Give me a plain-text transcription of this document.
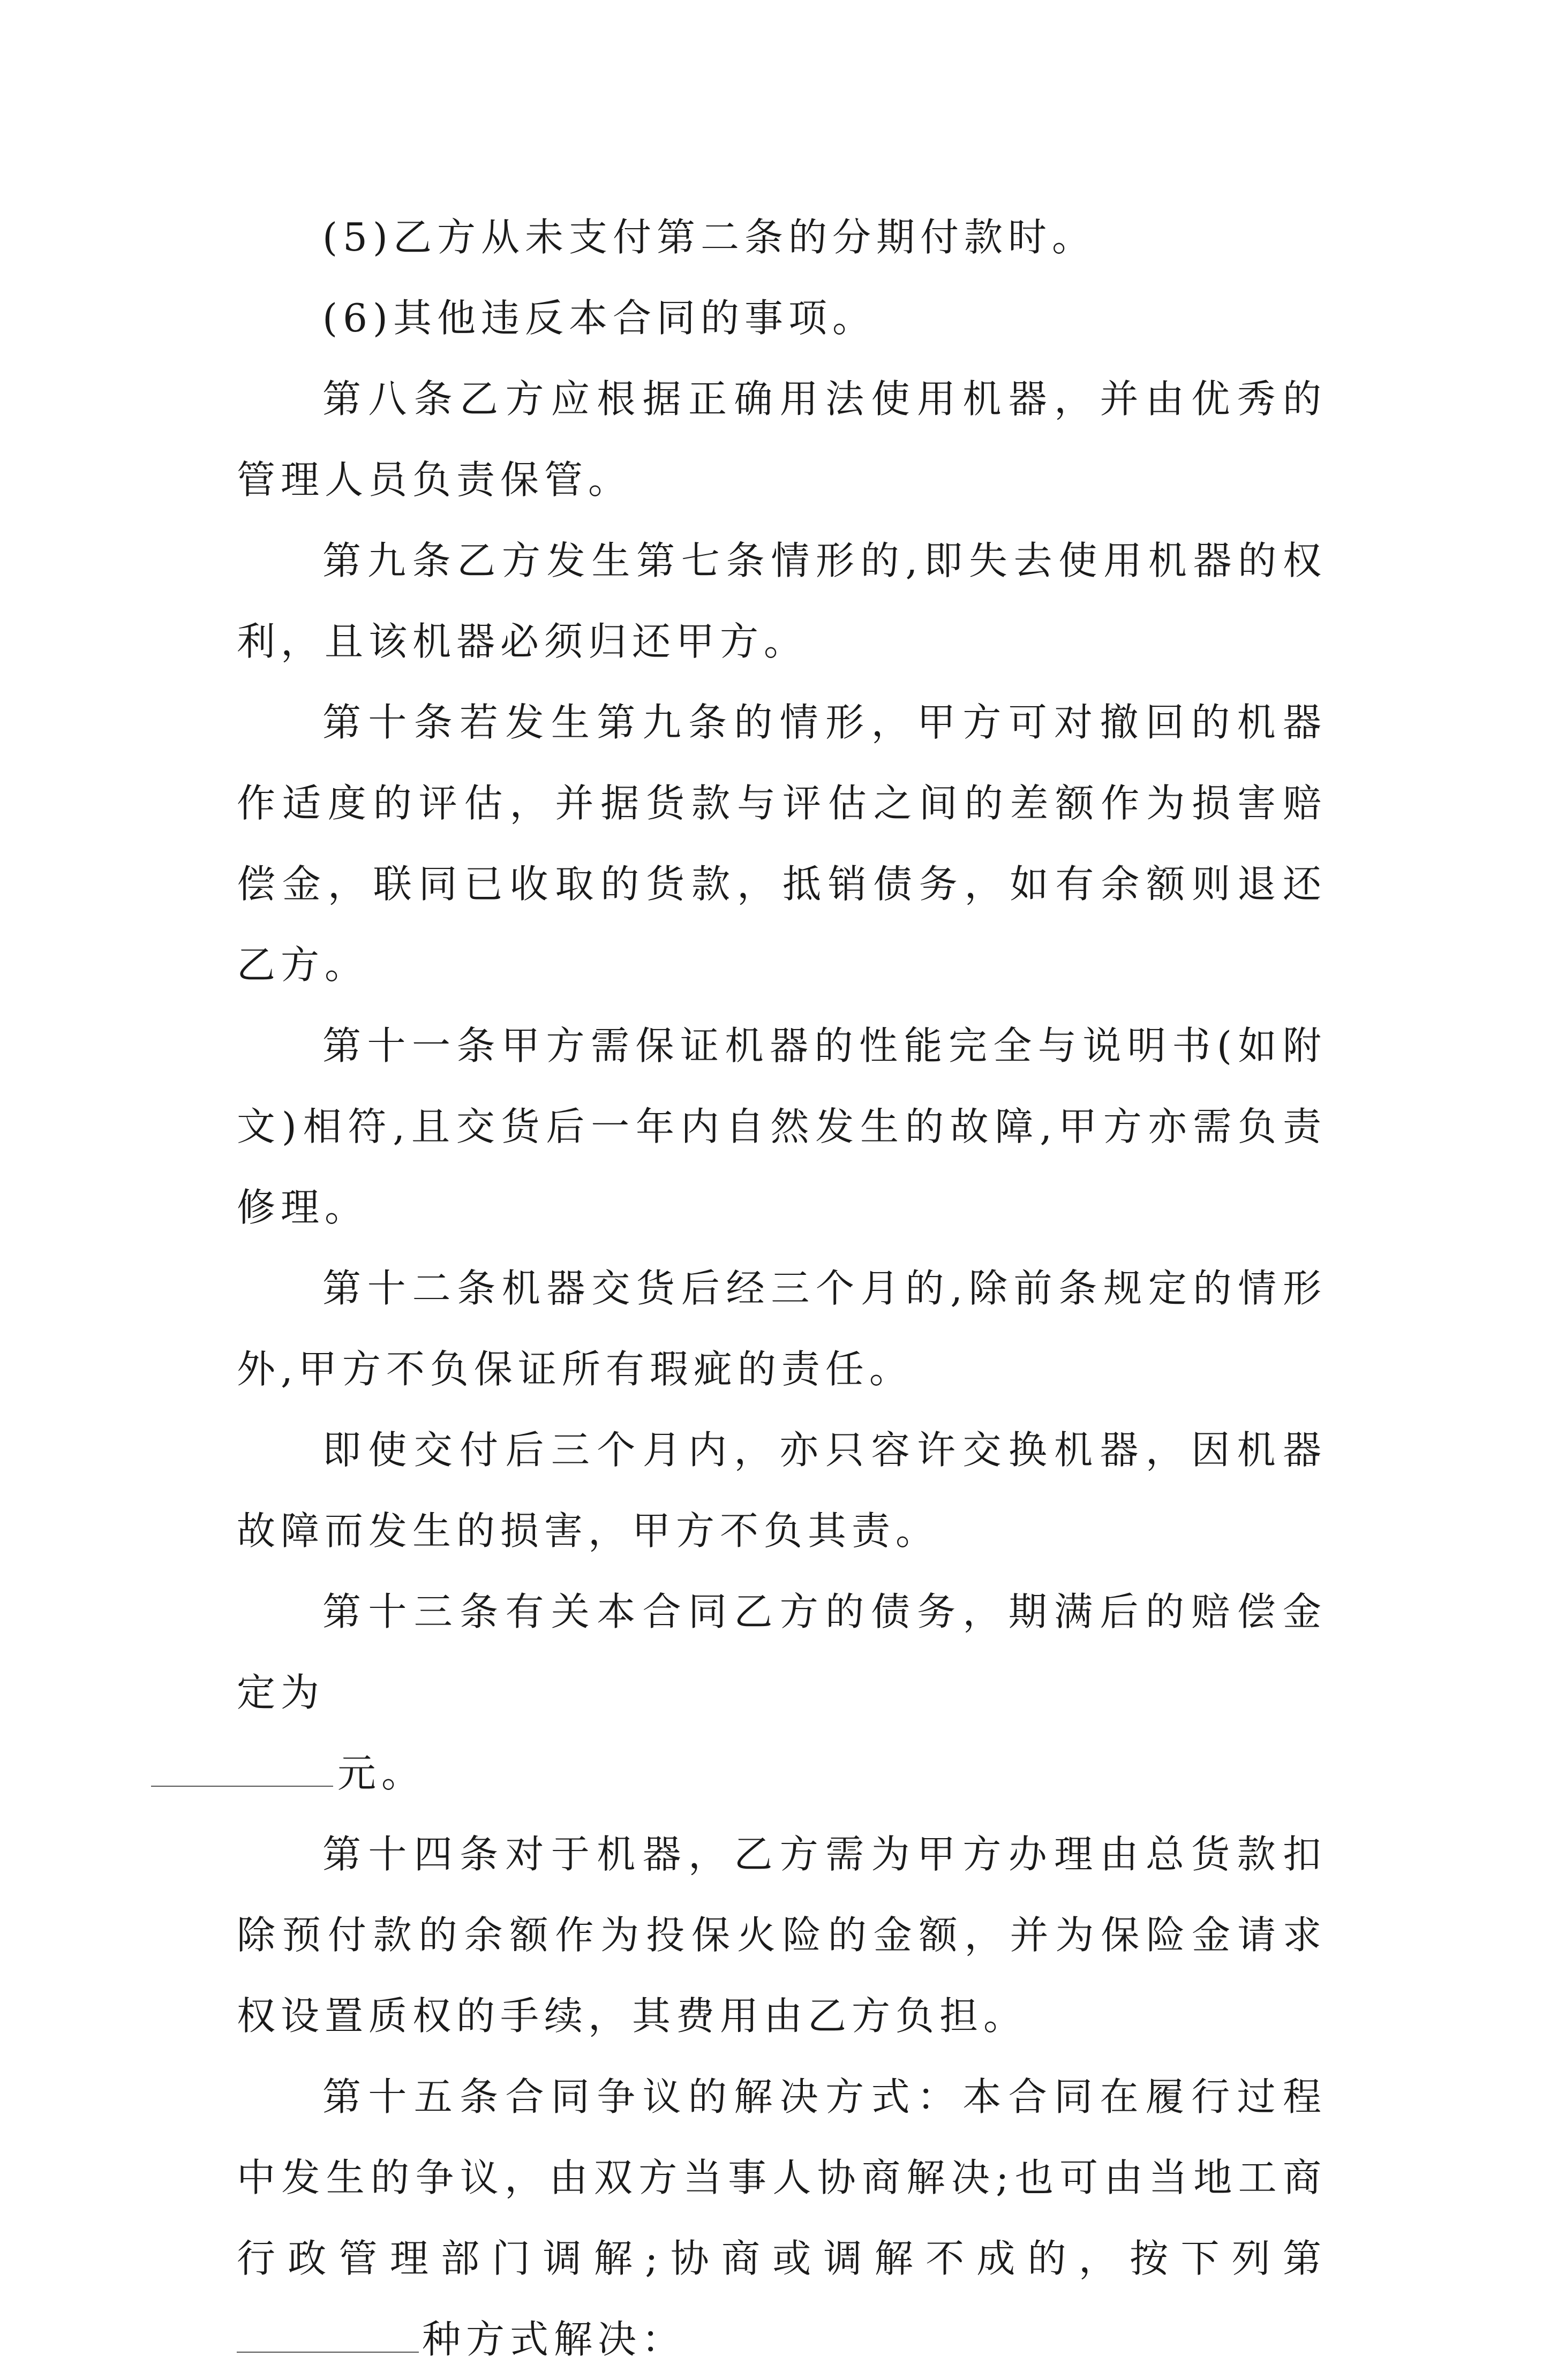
(5)乙方从未支付第二条的分期付款时。

(6)其他违反本合同的事项。

第八条乙方应根据正确用法使用机器，并由优秀的管理人员负责保管。

第九条乙方发生第七条情形的,即失去使用机器的权利，且该机器必须归还甲方。

第十条若发生第九条的情形，甲方可对撤回的机器作适度的评估，并据货款与评估之间的差额作为损害赔偿金，联同已收取的货款，抵销债务，如有余额则退还乙方。

第十一条甲方需保证机器的性能完全与说明书(如附文)相符,且交货后一年内自然发生的故障,甲方亦需负责修理。

第十二条机器交货后经三个月的,除前条规定的情形外,甲方不负保证所有瑕疵的责任。

即使交付后三个月内，亦只容许交换机器，因机器故障而发生的损害，甲方不负其责。

第十三条有关本合同乙方的债务，期满后的赔偿金定为
元。

第十四条对于机器，乙方需为甲方办理由总货款扣除预付款的余额作为投保火险的金额，并为保险金请求权设置质权的手续，其费用由乙方负担。

第十五条合同争议的解决方式：本合同在履行过程中发生的争议，由双方当事人协商解决;也可由当地工商行政管理部门调解;协商或调解不成的，按下列第种方式解决：
